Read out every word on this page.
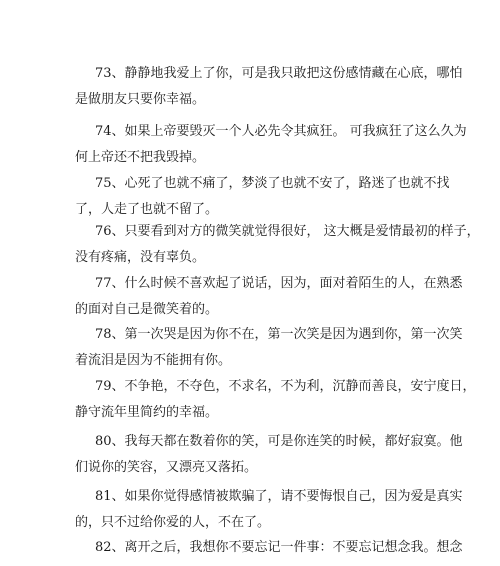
73、静静地我爱上了你，可是我只敢把这份感情藏在心底，哪怕
是做朋友只要你幸福。
74、如果上帝要毁灭一个人必先令其疯狂。 可我疯狂了这么久为
何上帝还不把我毁掉。
75、心死了也就不痛了，梦淡了也就不安了，路迷了也就不找
了，人走了也就不留了。
76、只要看到对方的微笑就觉得很好， 这大概是爱情最初的样子，
没有疼痛，没有辜负。
77、什么时候不喜欢起了说话，因为，面对着陌生的人，在熟悉
的面对自己是微笑着的。
78、第一次哭是因为你不在，第一次笑是因为遇到你，第一次笑
着流泪是因为不能拥有你。
79、不争艳，不夺色，不求名，不为利，沉静而善良，安宁度日，
静守流年里简约的幸福。
80、我每天都在数着你的笑，可是你连笑的时候，都好寂寞。他
们说你的笑容，又漂亮又落拓。
81、如果你觉得感情被欺骗了，请不要悔恨自己，因为爱是真实
的，只不过给你爱的人，不在了。
82、离开之后，我想你不要忘记一件事：不要忘记想念我。想念
